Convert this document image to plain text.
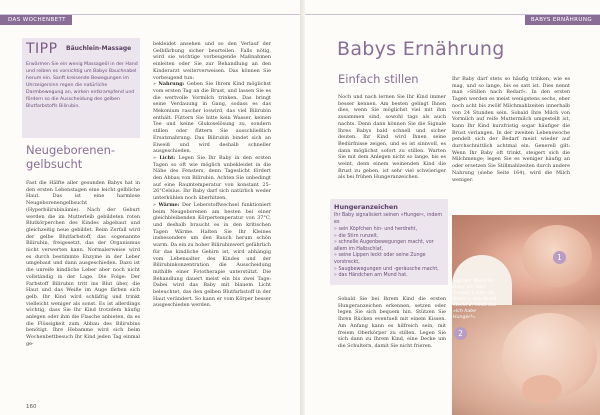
DAS WOCHENBETT	BABYS ERNÄHRUNG
TIPP Bäuchlein-Massage
Erwärmen Sie ein wenig Massageöl in der Hand und reiben es vorsichtig um Babys Bauchnabel herum ein. Sanft kreisende Bewegungen im Uhrzeigersinn regen die natürliche Darmbewegung an, wirken entkrampfend und fördern so die Ausscheidung des gelben Blutfarbstoffs Bilirubin.
Neugeborenen-
gelbsucht
Fast die Hälfte aller gesunden Babys hat in den ersten Lebenstagen eine leicht gelbliche Haut. Das ist eine harmlose Neugeborenengelbsucht (Hyperbilirubinämie). Nach der Geburt werden die im Mutterleib gebildeten roten Blutkörperchen des Kindes abgebaut und gleichzeitig neue gebildet. Beim Zerfall wird der gelbe Blutfarbstoff, das sogenannte Bilirubin, freigesetzt, das der Organismus nicht verwerten kann. Normalerweise wird es durch bestimmte Enzyme in der Leber umgebaut und dann ausgeschieden. Dazu ist die unreife kindliche Leber aber noch nicht vollständig in der Lage. Die Folge: Der Farbstoff Bilirubin tritt ins Blut über, die Haut und das Weiße im Auge färben sich gelb. Ihr Kind wird schläfrig und trinkt vielleicht weniger als sonst. Es ist allerdings wichtig, dass Sie Ihr Kind trotzdem häufig anlegen oder ihm die Flasche anbieten, da es die Flüssigkeit zum Abbau des Bilirubins benötigt. Ihre Hebamme wird sich beim Wochenbettbesuch Ihr Kind jeden Tag einmal ge-
bekleidet ansehen und so den Verlauf der Gelbfärbung sicher beurteilen. Falls nötig, wird sie wichtige vorbeugende Maßnahmen einleiten oder Sie zur Behandlung an den Kinderarzt weiterverweisen. Das können Sie vorbeugend tun:
» Nahrung: Geben Sie Ihrem Kind möglichst vom ersten Tag an die Brust, und lassen Sie es die wertvolle Vormilch trinken. Das bringt seine Verdauung in Gang, sodass es das Mekonium rascher loswird, das viel Bilirubin enthält. Füttern Sie bitte kein Wasser, keinen Tee und keine Glukoselösung zu, sondern stillen oder füttern Sie ausschließlich Ersatznahrung. Das Bilirubin bindet sich an Eiweiß und wird deshalb schneller ausgeschieden.
» Licht: Legen Sie Ihr Baby in den ersten Tagen so oft wie möglich unbekleidet in die Nähe des Fensters, denn Tageslicht fördert den Abbau von Bilirubin. Achten Sie unbedingt auf eine Raumtemperatur von konstant 25–26°Celsius. Ihr Baby darf sich natürlich weder unterkühlen noch überhitzen.
» Wärme: Der Leberstoffwechsel funktioniert beim Neugeborenen am besten bei einer gleichbleibenden Körpertemperatur von 37°C, und deshalb braucht es in den kritischen Tagen Wärme. Halten Sie Ihr Kleines insbesondere um den Bauch herum schön warm. Da ein zu hoher Bilirubinwert gefährlich für das kindliche Gehirn ist, wird abhängig vom Lebensalter des Kindes und der Bilirubinkonzentration die Ausscheidung mithilfe einer Fototherapie unterstützt. Die Behandlung dauert meist ein bis zwei Tage: Dabei wird das Baby mit blauem Licht beleuchtet, das den gelben Blutfarbstoff in der Haut verändert. So kann er vom Körper besser ausgeschieden werden.
160
Babys Ernährung
Einfach stillen
Noch und nach lernen Sie Ihr Kind immer besser kennen. Am besten gelingt Ihnen dies, wenn Sie möglichst viel mit ihm zusammen sind, sowohl tags als auch nachts. Denn dann können Sie die Signale Ihres Babys bald schnell und sicher deuten. Ihr Kind wird Ihnen seine Bedürfnisse zeigen, und es ist sinnvoll, es dann möglichst sofort zu stillen. Warten Sie mit dem Anlegen nicht so lange, bis es weint, denn einem weinenden Kind die Brust zu geben, ist sehr viel schwieriger als bei frühen Hungeranzeichen.
Hungeranzeichen
Ihr Baby signalisiert seinen »Hunger«, indem es
» sein Köpfchen hin- und herdreht,
» die Stirn runzelt,
» schnelle Augenbewegungen macht, vor allem im Halbschlaf,
» seine Lippen leckt oder seine Zunge vorstreckt,
» Saugbewegungen und -geräusche macht,
» das Händchen am Mund hat.
Sobald Sie bei Ihrem Kind die ersten Hungeranzeichen erkennen, setzen oder legen Sie sich bequem hin. Stützen Sie Ihren Rücken eventuell mit einem Kissen. Am Anfang kann es hilfreich sein, mit freiem Oberkörper zu stillen. Legen Sie sich dann zu Ihrem Kind, eine Decke um die Schultern, damit Sie nicht frieren.
Ihr Baby darf stets so häufig trinken, wie es mag, und so lange, bis es satt ist. Dies nennt man »Stillen nach Bedarf«. In den ersten Tagen werden es meist wenigstens sechs, eher noch acht bis zwölf Milchmahlzeiten innerhalb von 24 Stunden sein. Sobald Ihre Milch von Vormilch auf reife Muttermilch umgestellt ist, kann Ihr Kind kurzfristig sogar häufiger die Brust verlangen. In der zweiten Lebenswoche pendelt sich der Bedarf meist wieder auf durchschnittlich achtmal ein. Generell gilt: Wenn Ihr Baby oft trinkt, steigert sich die Milchmenge; legen Sie es weniger häufig an oder ersetzen Sie Stillmahlzeiten durch andere Nahrung (siehe Seite 164), wird die Milch weniger.
1
2
Signale: Wenn Ihr Baby die Stirn runzelt 1 oder die Hand in den Mund steckt 2, heißt das »Ich habe Hunger!«.
